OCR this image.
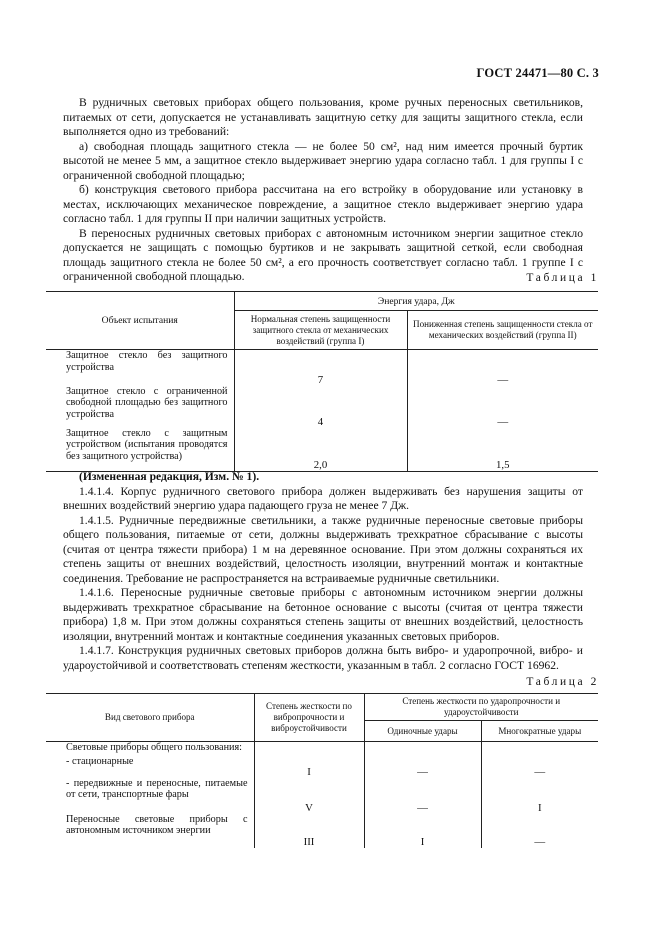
ГОСТ 24471—80 С. 3

В рудничных световых приборах общего пользования, кроме ручных переносных светильников, питаемых от сети, допускается не устанавливать защитную сетку для защиты защитного стекла, если выполняется одно из требований:

а) свободная площадь защитного стекла — не более 50 см², над ним имеется прочный буртик высотой не менее 5 мм, а защитное стекло выдерживает энергию удара согласно табл. 1 для группы I с ограниченной свободной площадью;

б) конструкция светового прибора рассчитана на его встройку в оборудование или установку в местах, исключающих механическое повреждение, а защитное стекло выдерживает энергию удара согласно табл. 1 для группы II при наличии защитных устройств.

В переносных рудничных световых приборах с автономным источником энергии защитное стекло допускается не защищать с помощью буртиков и не закрывать защитной сеткой, если свободная площадь защитного стекла не более 50 см², а его прочность соответствует согласно табл. 1 группе I с ограниченной свободной площадью.	Таблица 1
Объект испытания	Энергия удара, Дж	
	Нормальная степень защищенности защитного стекла от механических воздействий (группа I)	Пониженная степень защищенности стекла от механических воздействий (группа II)
Защитное стекло без защитного устройства	7	—
Защитное стекло с ограниченной свободной площадью без защитного устройства	4	—
Защитное стекло с защитным устройством (испытания проводятся без защитного устройства)	2,0	1,5

(Измененная редакция, Изм. № 1).

1.4.1.4. Корпус рудничного светового прибора должен выдерживать без нарушения защиты от внешних воздействий энергию удара падающего груза не менее 7 Дж.

1.4.1.5. Рудничные передвижные светильники, а также рудничные переносные световые приборы общего пользования, питаемые от сети, должны выдерживать трехкратное сбрасывание с высоты (считая от центра тяжести прибора) 1 м на деревянное основание. При этом должны сохраняться их степень защиты от внешних воздействий, целостность изоляции, внутренний монтаж и контактные соединения. Требование не распространяется на встраиваемые рудничные светильники.

1.4.1.6. Переносные рудничные световые приборы с автономным источником энергии должны выдерживать трехкратное сбрасывание на бетонное основание с высоты (считая от центра тяжести прибора) 1,8 м. При этом должны сохраняться степень защиты от внешних воздействий, целостность изоляции, внутренний монтаж и контактные соединения указанных световых приборов.

1.4.1.7. Конструкция рудничных световых приборов должна быть вибро- и ударопрочной, вибро- и удароустойчивой и соответствовать степеням жесткости, указанным в табл. 2 согласно ГОСТ 16962.

Таблица 2
Вид светового прибора	Степень жесткости по вибропрочности и виброустойчивости	Степень жесткости по ударопрочности и удароустойчивости	
		Одиночные удары	Многократные удары
Световые приборы общего пользования:			
- стационарные	I	—	—
- передвижные и переносные, питаемые от сети, транспортные фары	V	—	I
Переносные световые приборы с автономным источником энергии	III	I	—
